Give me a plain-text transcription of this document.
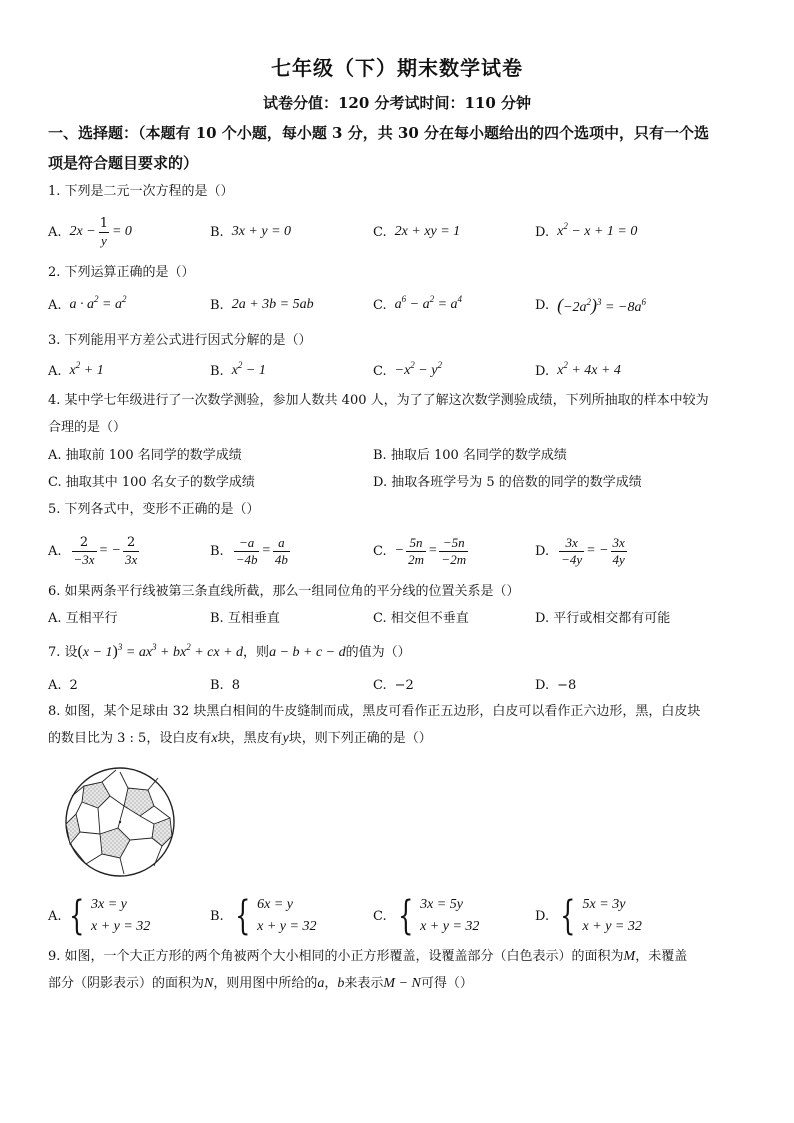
七年级（下）期末数学试卷
试卷分值：120 分考试时间：110 分钟
一、选择题：（本题有 10 个小题，每小题 3 分，共 30 分在每小题给出的四个选项中，只有一个选
项是符合题目要求的）
1. 下列是二元一次方程的是（）
A. $2x - \frac{1}{y} = 0$	B. 3x + y = 0	C. 2x + xy = 1	D. $x^2 - x + 1 = 0$
2. 下列运算正确的是（）
A. $a \cdot a^2 = a^2$	B. 2a + 3b = 5ab	C. $a^6 - a^2 = a^4$	D. $(-2a^2)^3 = -8a^6$
3. 下列能用平方差公式进行因式分解的是（）
A. $x^2 + 1$	B. $x^2 - 1$	C. $-x^2 - y^2$	D. $x^2 + 4x + 4$
4. 某中学七年级进行了一次数学测验，参加人数共 400 人，为了了解这次数学测验成绩，下列所抽取的样本中较为
合理的是（）
A. 抽取前 100 名同学的数学成绩	B. 抽取后 100 名同学的数学成绩
C. 抽取其中 100 名女子的数学成绩	D. 抽取各班学号为 5 的倍数的同学的数学成绩
5. 下列各式中，变形不正确的是（）
A. $\frac{2}{-3x}$ = − $\frac{2}{3x}$	B. $\frac{-a}{-4b} = \frac{a}{4b}$	C. − $\frac{5n}{2m} = \frac{-5n}{-2m}$	D. $\frac{3x}{-4y}$ = − $\frac{3x}{4y}$
6. 如果两条平行线被第三条直线所截，那么一组同位角的平分线的位置关系是（）
A. 互相平行	B. 互相垂直	C. 相交但不垂直	D. 平行或相交都有可能
7. 设$(x - 1)^3 = ax^3 + bx^2$ + cx + d，则a − b + c − d的值为（）
A. 2	B. 8	C. −2	D. −8
8. 如图，某个足球由 32 块黑白相间的牛皮缝制而成，黑皮可看作正五边形，白皮可以看作正六边形，黑，白皮块
的数目比为 3 : 5，设白皮有x块，黑皮有y块，则下列正确的是（）
A. { 3x = y
x + y = 32
B. { 6x = y
x + y = 32
C. { 3x = 5y
x + y = 32
D. { 5x = 3y
x + y = 32
9. 如图，一个大正方形的两个角被两个大小相同的小正方形覆盖，设覆盖部分（白色表示）的面积为M，未覆盖
部分（阴影表示）的面积为N，则用图中所给的a，b来表示M − N可得（）
